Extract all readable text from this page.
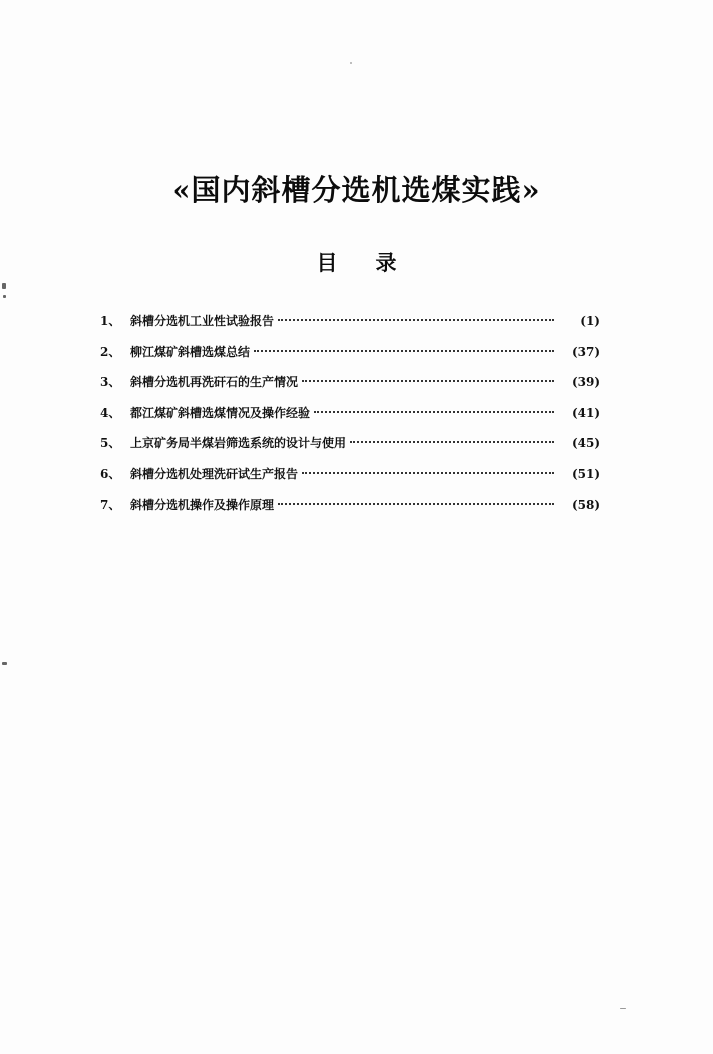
«国内斜槽分选机选煤实践»
目录
1、 斜槽分选机工业性试验报告	(1)
2、 柳江煤矿斜槽选煤总结	(37)
3、 斜槽分选机再洗矸石的生产情况	(39)
4、 都江煤矿斜槽选煤情况及操作经验	(41)
5、 上京矿务局半煤岩筛选系统的设计与使用	(45)
6、 斜槽分选机处理洗矸试生产报告	(51)
7、 斜槽分选机操作及操作原理	(58)
